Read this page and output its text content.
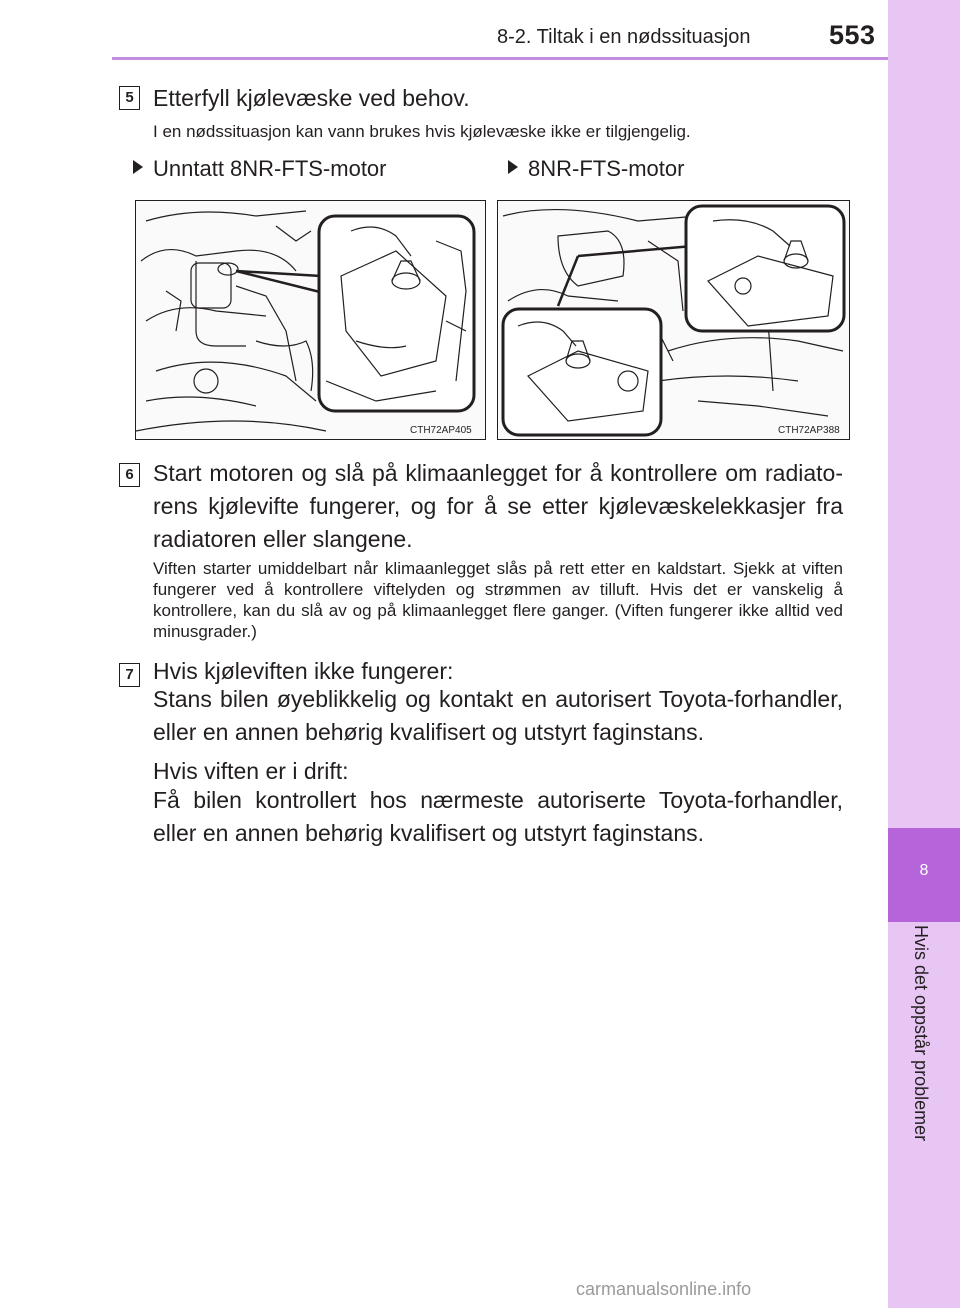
8-2. Tiltak i en nødssituasjon	553
8
Hvis det oppstår problemer
5 Etterfyll kjølevæske ved behov.
I en nødssituasjon kan vann brukes hvis kjølevæske ikke er tilgjengelig.
Unntatt 8NR-FTS-motor	8NR-FTS-motor
CTH72AP405	CTH72AP388
6 Start motoren og slå på klimaanlegget for å kontrollere om radiato-rens kjølevifte fungerer, og for å se etter kjølevæskelekkasjer fra radiatoren eller slangene.
Viften starter umiddelbart når klimaanlegget slås på rett etter en kaldstart. Sjekk at viften fungerer ved å kontrollere viftelyden og strømmen av tilluft. Hvis det er vanskelig å kontrollere, kan du slå av og på klimaanlegget flere ganger. (Viften fungerer ikke alltid ved minusgrader.)
7 Hvis kjøleviften ikke fungerer:
Stans bilen øyeblikkelig og kontakt en autorisert Toyota-forhandler, eller en annen behørig kvalifisert og utstyrt faginstans.
Hvis viften er i drift:
Få bilen kontrollert hos nærmeste autoriserte Toyota-forhandler, eller en annen behørig kvalifisert og utstyrt faginstans.
carmanualsonline.info
